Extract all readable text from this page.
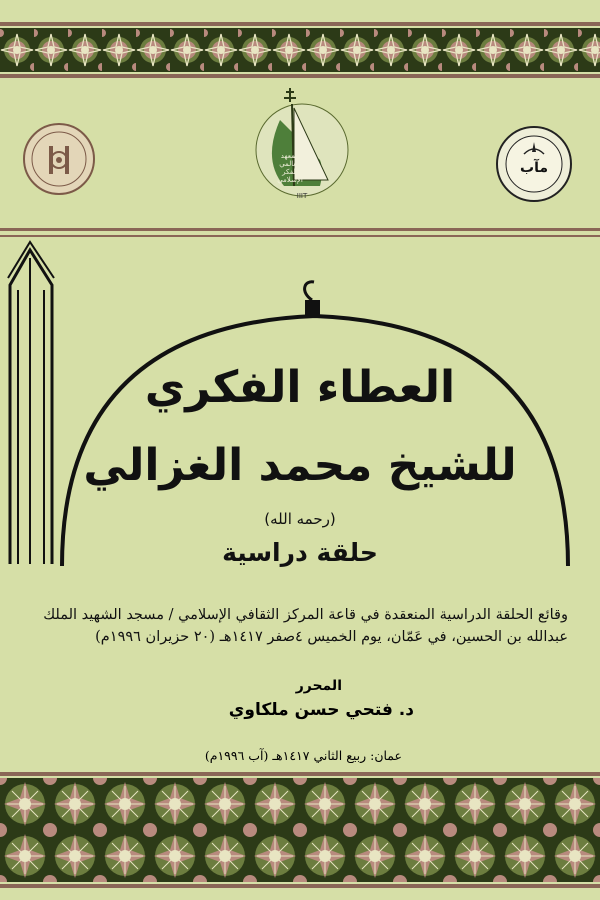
المعهد
العالمي
للفكر
الإسلامي
IIIT
مآب
العطاء الفكري
للشيخ محمد الغزالي
(رحمه الله)
حلقة دراسية
وقائع الحلقة الدراسية المنعقدة في قاعة المركز الثقافي الإسلامي / مسجد الشهيد الملك
عبدالله بن الحسين، في عَمّان، يوم الخميس ٤صفر ١٤١٧هـ (٢٠ حزيران ١٩٩٦م)
المحرر
د. فتحي حسن ملكاوي
عمان: ربيع الثاني ١٤١٧هـ (آب ١٩٩٦م)
